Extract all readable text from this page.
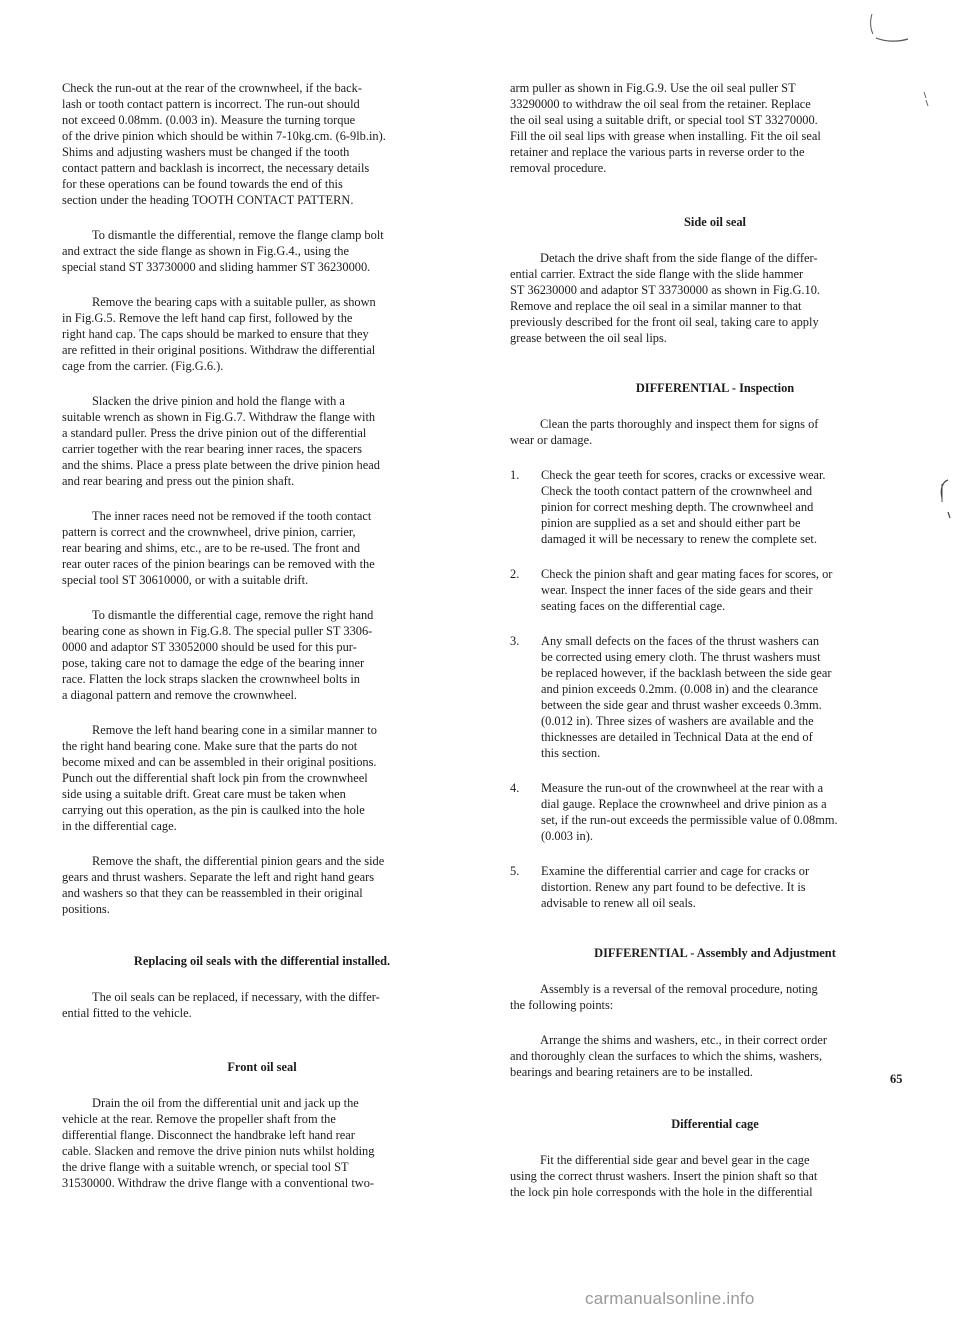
Check the run-out at the rear of the crownwheel, if the back-
lash or tooth contact pattern is incorrect. The run-out should
not exceed 0.08mm. (0.003 in). Measure the turning torque
of the drive pinion which should be within 7-10kg.cm. (6-9lb.in).
Shims and adjusting washers must be changed if the tooth
contact pattern and backlash is incorrect, the necessary details
for these operations can be found towards the end of this
section under the heading TOOTH CONTACT PATTERN.

To dismantle the differential, remove the flange clamp bolt
and extract the side flange as shown in Fig.G.4., using the
special stand ST 33730000 and sliding hammer ST 36230000.

Remove the bearing caps with a suitable puller, as shown
in Fig.G.5. Remove the left hand cap first, followed by the
right hand cap. The caps should be marked to ensure that they
are refitted in their original positions. Withdraw the differential
cage from the carrier. (Fig.G.6.).

Slacken the drive pinion and hold the flange with a
suitable wrench as shown in Fig.G.7. Withdraw the flange with
a standard puller. Press the drive pinion out of the differential
carrier together with the rear bearing inner races, the spacers
and the shims. Place a press plate between the drive pinion head
and rear bearing and press out the pinion shaft.

The inner races need not be removed if the tooth contact
pattern is correct and the crownwheel, drive pinion, carrier,
rear bearing and shims, etc., are to be re-used. The front and
rear outer races of the pinion bearings can be removed with the
special tool ST 30610000, or with a suitable drift.

To dismantle the differential cage, remove the right hand
bearing cone as shown in Fig.G.8. The special puller ST 3306-
0000 and adaptor ST 33052000 should be used for this pur-
pose, taking care not to damage the edge of the bearing inner
race. Flatten the lock straps slacken the crownwheel bolts in
a diagonal pattern and remove the crownwheel.

Remove the left hand bearing cone in a similar manner to
the right hand bearing cone. Make sure that the parts do not
become mixed and can be assembled in their original positions.
Punch out the differential shaft lock pin from the crownwheel
side using a suitable drift. Great care must be taken when
carrying out this operation, as the pin is caulked into the hole
in the differential cage.

Remove the shaft, the differential pinion gears and the side
gears and thrust washers. Separate the left and right hand gears
and washers so that they can be reassembled in their original
positions.

Replacing oil seals with the differential installed.

The oil seals can be replaced, if necessary, with the differ-
ential fitted to the vehicle.

Front oil seal

Drain the oil from the differential unit and jack up the
vehicle at the rear. Remove the propeller shaft from the
differential flange. Disconnect the handbrake left hand rear
cable. Slacken and remove the drive pinion nuts whilst holding
the drive flange with a suitable wrench, or special tool ST
31530000. Withdraw the drive flange with a conventional two-

arm puller as shown in Fig.G.9. Use the oil seal puller ST
33290000 to withdraw the oil seal from the retainer. Replace
the oil seal using a suitable drift, or special tool ST 33270000.
Fill the oil seal lips with grease when installing. Fit the oil seal
retainer and replace the various parts in reverse order to the
removal procedure.

Side oil seal

Detach the drive shaft from the side flange of the differ-
ential carrier. Extract the side flange with the slide hammer
ST 36230000 and adaptor ST 33730000 as shown in Fig.G.10.
Remove and replace the oil seal in a similar manner to that
previously described for the front oil seal, taking care to apply
grease between the oil seal lips.

DIFFERENTIAL - Inspection

Clean the parts thoroughly and inspect them for signs of
wear or damage.

1.	Check the gear teeth for scores, cracks or excessive wear.
Check the tooth contact pattern of the crownwheel and
pinion for correct meshing depth. The crownwheel and
pinion are supplied as a set and should either part be
damaged it will be necessary to renew the complete set.
2.	Check the pinion shaft and gear mating faces for scores, or
wear. Inspect the inner faces of the side gears and their
seating faces on the differential cage.
3.	Any small defects on the faces of the thrust washers can
be corrected using emery cloth. The thrust washers must
be replaced however, if the backlash between the side gear
and pinion exceeds 0.2mm. (0.008 in) and the clearance
between the side gear and thrust washer exceeds 0.3mm.
(0.012 in). Three sizes of washers are available and the
thicknesses are detailed in Technical Data at the end of
this section.
4.	Measure the run-out of the crownwheel at the rear with a
dial gauge. Replace the crownwheel and drive pinion as a
set, if the run-out exceeds the permissible value of 0.08mm.
(0.003 in).
5.	Examine the differential carrier and cage for cracks or
distortion. Renew any part found to be defective. It is
advisable to renew all oil seals.
DIFFERENTIAL - Assembly and Adjustment

Assembly is a reversal of the removal procedure, noting
the following points:

Arrange the shims and washers, etc., in their correct order
and thoroughly clean the surfaces to which the shims, washers,
bearings and bearing retainers are to be installed.

Differential cage

Fit the differential side gear and bevel gear in the cage
using the correct thrust washers. Insert the pinion shaft so that
the lock pin hole corresponds with the hole in the differential

65
carmanualsonline.info
